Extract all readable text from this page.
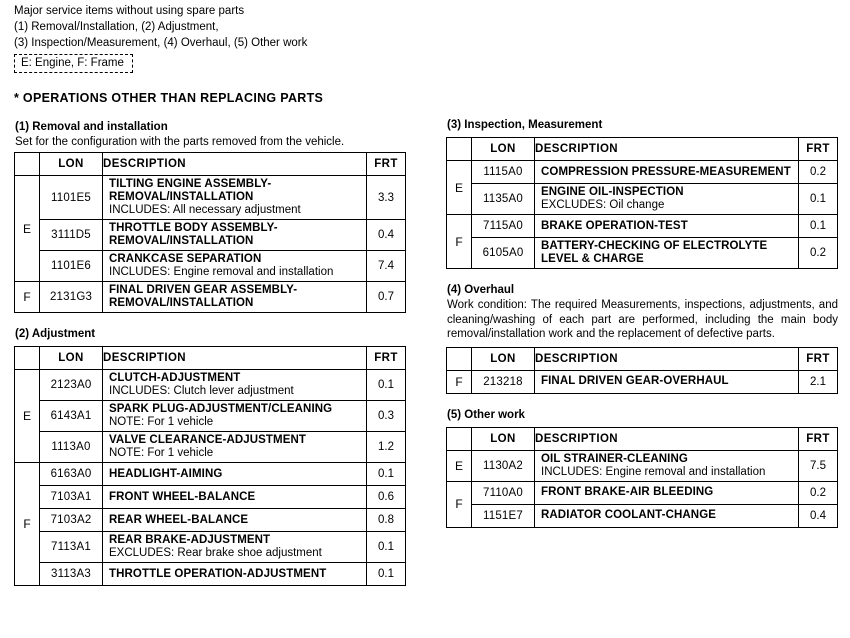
Major service items without using spare parts
(1) Removal/Installation, (2) Adjustment,
(3) Inspection/Measurement, (4) Overhaul, (5) Other work
E: Engine, F: Frame
* OPERATIONS OTHER THAN REPLACING PARTS
(1) Removal and installation
Set for the configuration with the parts removed from the vehicle.
	LON	DESCRIPTION	FRT
E	1101E5	TILTING ENGINE ASSEMBLY-REMOVAL/INSTALLATION
INCLUDES: All necessary adjustment	3.3
	3111D5	THROTTLE BODY ASSEMBLY-REMOVAL/INSTALLATION	0.4
	1101E6	CRANKCASE SEPARATION
INCLUDES: Engine removal and installation	7.4
F	2131G3	FINAL DRIVEN GEAR ASSEMBLY-REMOVAL/INSTALLATION	0.7
(2) Adjustment
	LON	DESCRIPTION	FRT
E	2123A0	CLUTCH-ADJUSTMENT
INCLUDES: Clutch lever adjustment	0.1
	6143A1	SPARK PLUG-ADJUSTMENT/CLEANING
NOTE: For 1 vehicle	0.3
	1113A0	VALVE CLEARANCE-ADJUSTMENT
NOTE: For 1 vehicle	1.2
F	6163A0	HEADLIGHT-AIMING	0.1
	7103A1	FRONT WHEEL-BALANCE	0.6
	7103A2	REAR WHEEL-BALANCE	0.8
	7113A1	REAR BRAKE-ADJUSTMENT
EXCLUDES: Rear brake shoe adjustment	0.1
	3113A3	THROTTLE OPERATION-ADJUSTMENT	0.1
(3) Inspection, Measurement
	LON	DESCRIPTION	FRT
E	1115A0	COMPRESSION PRESSURE-MEASUREMENT	0.2
	1135A0	ENGINE OIL-INSPECTION
EXCLUDES: Oil change	0.1
F	7115A0	BRAKE OPERATION-TEST	0.1
	6105A0	BATTERY-CHECKING OF ELECTROLYTE LEVEL & CHARGE	0.2
(4) Overhaul
Work condition: The required Measurements, inspections, adjustments, and cleaning/washing of each part are performed, including the main body removal/installation work and the replacement of defective parts.
	LON	DESCRIPTION	FRT
F	213218	FINAL DRIVEN GEAR-OVERHAUL	2.1
(5) Other work
	LON	DESCRIPTION	FRT
E	1130A2	OIL STRAINER-CLEANING
INCLUDES: Engine removal and installation	7.5
F	7110A0	FRONT BRAKE-AIR BLEEDING	0.2
	1151E7	RADIATOR COOLANT-CHANGE	0.4
